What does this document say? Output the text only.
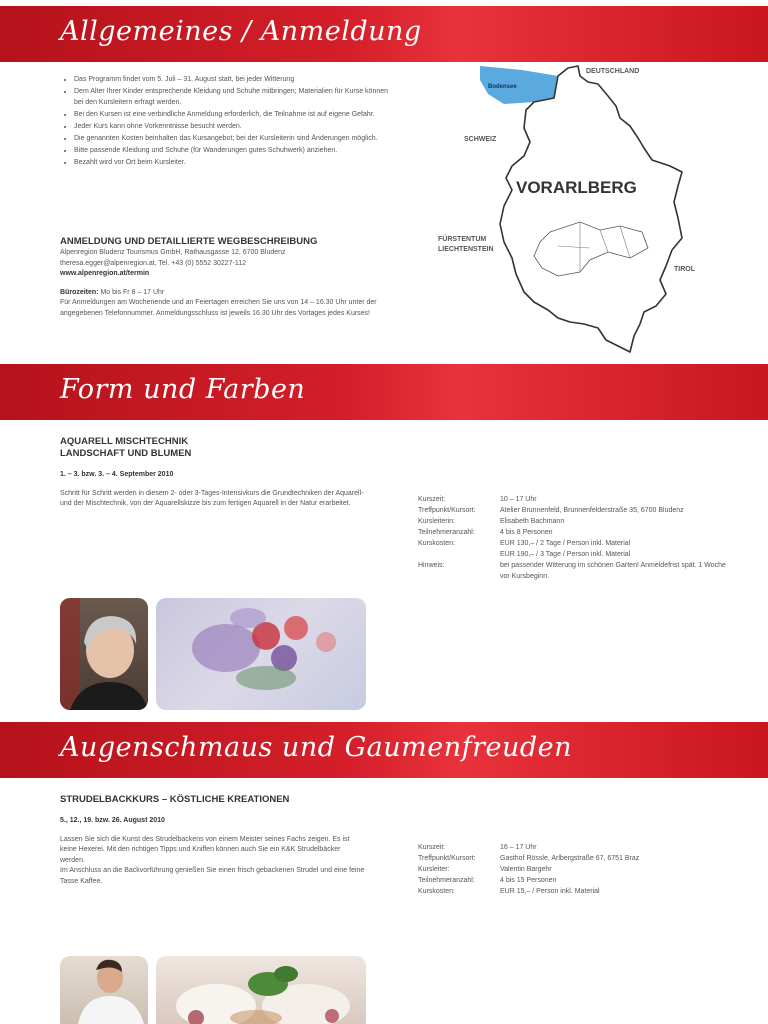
Allgemeines / Anmeldung
• Das Programm findet vom 5. Juli – 31. August statt, bei jeder Witterung
• Dem Alter Ihrer Kinder entsprechende Kleidung und Schuhe mitbringen; Materialien für Kurse können bei den Kursleitern erfragt werden.
• Bei den Kursen ist eine verbindliche Anmeldung erforderlich, die Teilnahme ist auf eigene Gefahr.
• Jeder Kurs kann ohne Vorkenntnisse besucht werden.
• Die genannten Kosten beinhalten das Kursangebot; bei der Kursleiterin sind Änderungen möglich.
• Bitte passende Kleidung und Schuhe (für Wanderungen gutes Schuhwerk) anziehen.
• Bezahlt wird vor Ort beim Kursleiter.
ANMELDUNG UND DETAILLIERTE WEGBESCHREIBUNG
Alpenregion Bludenz Tourismus GmbH, Rathausgasse 12, 6700 Bludenz
theresa.egger@alpenregion.at, Tel. +43 (0) 5552 30227-112
www.alpenregion.at/termin
Bürozeiten: Mo bis Fr 8 – 17 Uhr
Für Anmeldungen am Wochenende und an Feiertagen erreichen Sie uns von 14 – 16.30 Uhr unter der angegebenen Telefonnummer. Anmeldungsschluss ist jeweils 16.30 Uhr des Vortages jedes Kurses!
Bodensee
DEUTSCHLAND
SCHWEIZ
VORARLBERG
FÜRSTENTUM
LIECHTENSTEIN
TIROL
Form und Farben
AQUARELL MISCHTECHNIK
LANDSCHAFT UND BLUMEN
1. – 3. bzw. 3. – 4. September 2010
Schritt für Schritt werden in diesem 2- oder 3-Tages-Intensivkurs die Grundtechniken der Aquarell- und der Mischtechnik, von der Aquarellskizze bis zum fertigen Aquarell in der Natur erarbeitet.
Kurszeit:	10 – 17 Uhr
Treffpunkt/Kursort:	Atelier Brunnenfeld, Brunnenfelderstraße 35, 6700 Bludenz
Kursleiterin:	Elisabeth Bachmann
Teilnehmeranzahl:	4 bis 8 Personen
Kurskosten:	EUR 130,– / 2 Tage / Person inkl. Material
EUR 190,– / 3 Tage / Person inkl. Material
Hinweis:	bei passender Witterung im schönen Garten! Anmeldefrist spät. 1 Woche vor Kursbeginn.
Augenschmaus und Gaumenfreuden
STRUDELBACKKURS – KÖSTLICHE KREATIONEN
5., 12., 19. bzw. 26. August 2010
Lassen Sie sich die Kunst des Strudelbackens von einem Meister seines Fachs zeigen. Es ist keine Hexerei. Mit den richtigen Tipps und Kniffen können auch Sie ein K&K Strudelbäcker werden.
Im Anschluss an die Backvorführung genießen Sie einen frisch gebackenen Strudel und eine feine Tasse Kaffee.
Kurszeit:	16 – 17 Uhr
Treffpunkt/Kursort:	Gasthof Rössle, Arlbergstraße 67, 6751 Braz
Kursleiter:	Valentin Bargehr
Teilnehmeranzahl:	4 bis 15 Personen
Kurskosten:	EUR 15,– / Person inkl. Material
